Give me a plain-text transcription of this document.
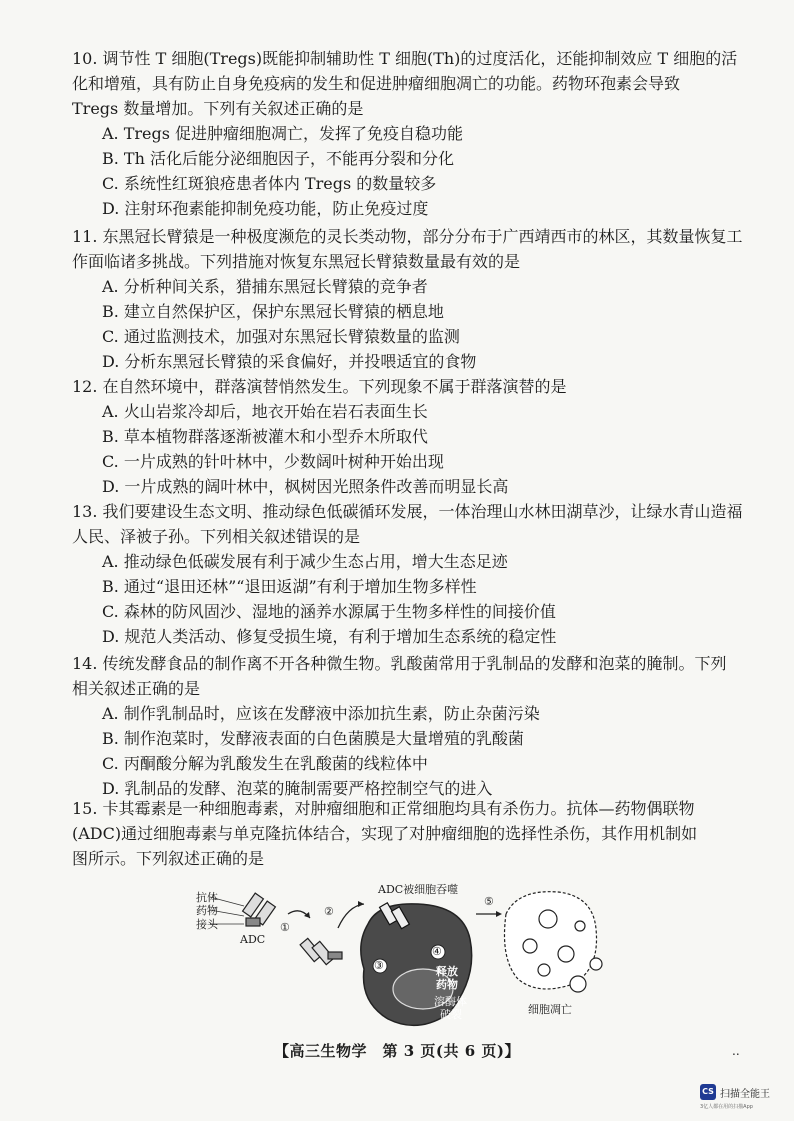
10. 调节性 T 细胞(Tregs)既能抑制辅助性 T 细胞(Th)的过度活化，还能抑制效应 T 细胞的活
化和增殖，具有防止自身免疫病的发生和促进肿瘤细胞凋亡的功能。药物环孢素会导致
Tregs 数量增加。下列有关叙述正确的是
A. Tregs 促进肿瘤细胞凋亡，发挥了免疫自稳功能
B. Th 活化后能分泌细胞因子，不能再分裂和分化
C. 系统性红斑狼疮患者体内 Tregs 的数量较多
D. 注射环孢素能抑制免疫功能，防止免疫过度
11. 东黑冠长臂猿是一种极度濒危的灵长类动物，部分分布于广西靖西市的林区，其数量恢复工
作面临诸多挑战。下列措施对恢复东黑冠长臂猿数量最有效的是
A. 分析种间关系，猎捕东黑冠长臂猿的竞争者
B. 建立自然保护区，保护东黑冠长臂猿的栖息地
C. 通过监测技术，加强对东黑冠长臂猿数量的监测
D. 分析东黑冠长臂猿的采食偏好，并投喂适宜的食物
12. 在自然环境中，群落演替悄然发生。下列现象不属于群落演替的是
A. 火山岩浆冷却后，地衣开始在岩石表面生长
B. 草本植物群落逐渐被灌木和小型乔木所取代
C. 一片成熟的针叶林中，少数阔叶树种开始出现
D. 一片成熟的阔叶林中，枫树因光照条件改善而明显长高
13. 我们要建设生态文明、推动绿色低碳循环发展，一体治理山水林田湖草沙，让绿水青山造福
人民、泽被子孙。下列相关叙述错误的是
A. 推动绿色低碳发展有利于减少生态占用，增大生态足迹
B. 通过“退田还林”“退田返湖”有利于增加生物多样性
C. 森林的防风固沙、湿地的涵养水源属于生物多样性的间接价值
D. 规范人类活动、修复受损生境，有利于增加生态系统的稳定性
14. 传统发酵食品的制作离不开各种微生物。乳酸菌常用于乳制品的发酵和泡菜的腌制。下列
相关叙述正确的是
A. 制作乳制品时，应该在发酵液中添加抗生素，防止杂菌污染
B. 制作泡菜时，发酵液表面的白色菌膜是大量增殖的乳酸菌
C. 丙酮酸分解为乳酸发生在乳酸菌的线粒体中
D. 乳制品的发酵、泡菜的腌制需要严格控制空气的进入
15. 卡其霉素是一种细胞毒素，对肿瘤细胞和正常细胞均具有杀伤力。抗体—药物偶联物
(ADC)通过细胞毒素与单克隆抗体结合，实现了对肿瘤细胞的选择性杀伤，其作用机制如
图所示。下列叙述正确的是
抗体
药物
接头
ADC
①
②
ADC被细胞吞噬
③
④
释放
药物
溶酶体
破裂
⑤
细胞凋亡
【高三生物学　第 3 页(共 6 页)】	..
CS 扫描全能王
3亿人都在用的扫描App
